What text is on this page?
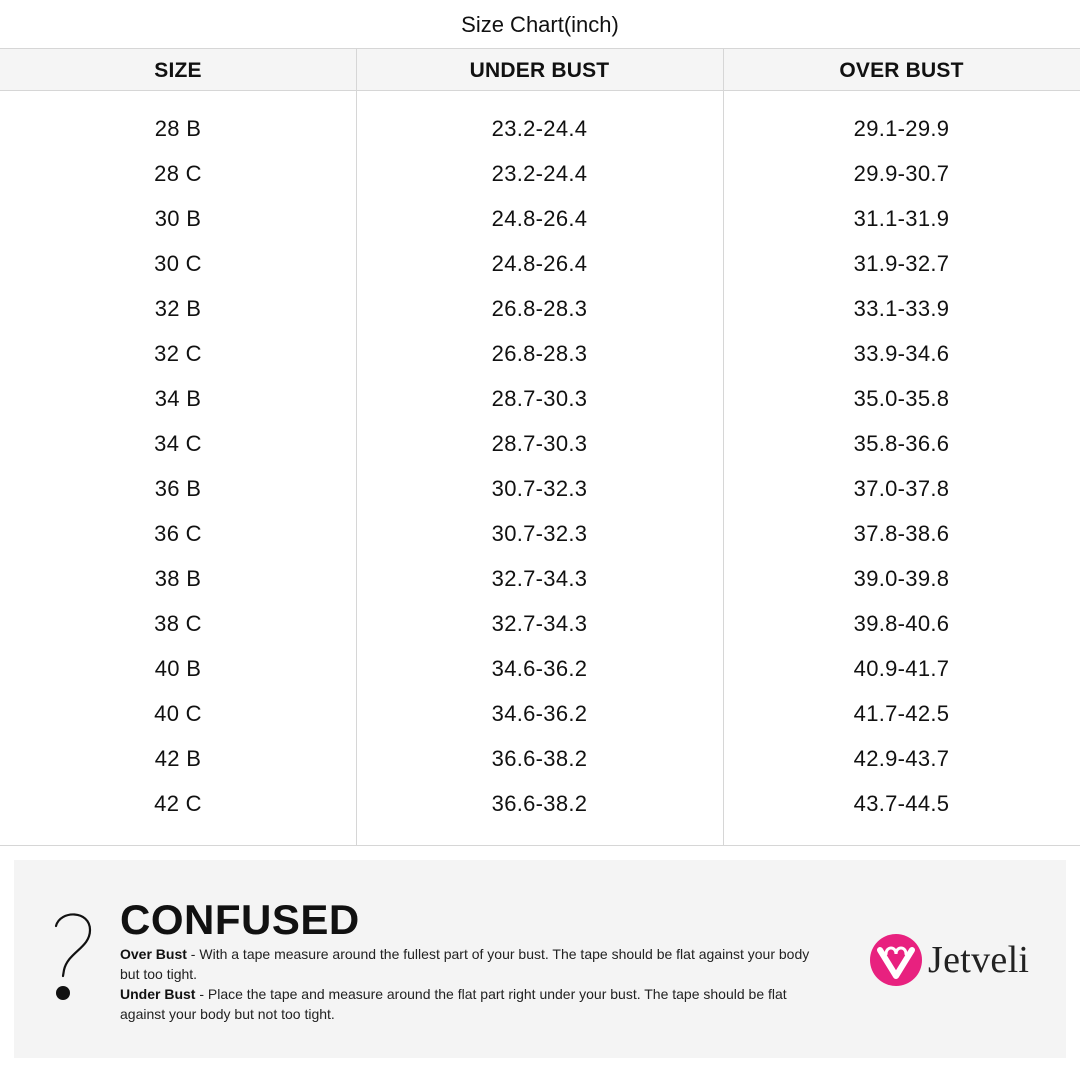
Size Chart(inch)
SIZE	UNDER BUST	OVER BUST
28 B	23.2-24.4	29.1-29.9
28 C	23.2-24.4	29.9-30.7
30 B	24.8-26.4	31.1-31.9
30 C	24.8-26.4	31.9-32.7
32 B	26.8-28.3	33.1-33.9
32 C	26.8-28.3	33.9-34.6
34 B	28.7-30.3	35.0-35.8
34 C	28.7-30.3	35.8-36.6
36 B	30.7-32.3	37.0-37.8
36 C	30.7-32.3	37.8-38.6
38 B	32.7-34.3	39.0-39.8
38 C	32.7-34.3	39.8-40.6
40 B	34.6-36.2	40.9-41.7
40 C	34.6-36.2	41.7-42.5
42 B	36.6-38.2	42.9-43.7
42 C	36.6-38.2	43.7-44.5
CONFUSED
Over Bust - With a tape measure around the fullest part of your bust. The tape should be flat against your body but too tight.
Under Bust - Place the tape and measure around the flat part right under your bust. The tape should be flat against your body but not too tight.
Jetveli
